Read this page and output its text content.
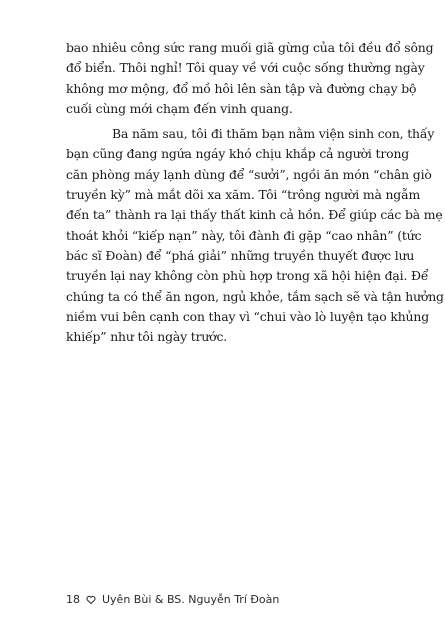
bao nhiêu công sức rang muối giã gừng của tôi đều đổ sông
đổ biển. Thôi nghỉ! Tôi quay về với cuộc sống thường ngày
không mơ mộng, đổ mồ hôi lên sàn tập và đường chạy bộ
cuối cùng mới chạm đến vinh quang.
Ba năm sau, tôi đi thăm bạn nằm viện sinh con, thấy
bạn cũng đang ngứa ngáy khó chịu khắp cả người trong
căn phòng máy lạnh dùng để “sưởi”, ngồi ăn món “chân giò
truyền kỳ” mà mắt dõi xa xăm. Tôi “trông người mà ngẫm
đến ta” thành ra lại thấy thất kinh cả hồn. Để giúp các bà mẹ
thoát khỏi “kiếp nạn” này, tôi đành đi gặp “cao nhân” (tức
bác sĩ Đoàn) để “phá giải” những truyền thuyết được lưu
truyền lại nay không còn phù hợp trong xã hội hiện đại. Để
chúng ta có thể ăn ngon, ngủ khỏe, tắm sạch sẽ và tận hưởng
niềm vui bên cạnh con thay vì “chui vào lò luyện tạo khủng
khiếp” như tôi ngày trước.
18 Uyên Bùi & BS. Nguyễn Trí Đoàn
